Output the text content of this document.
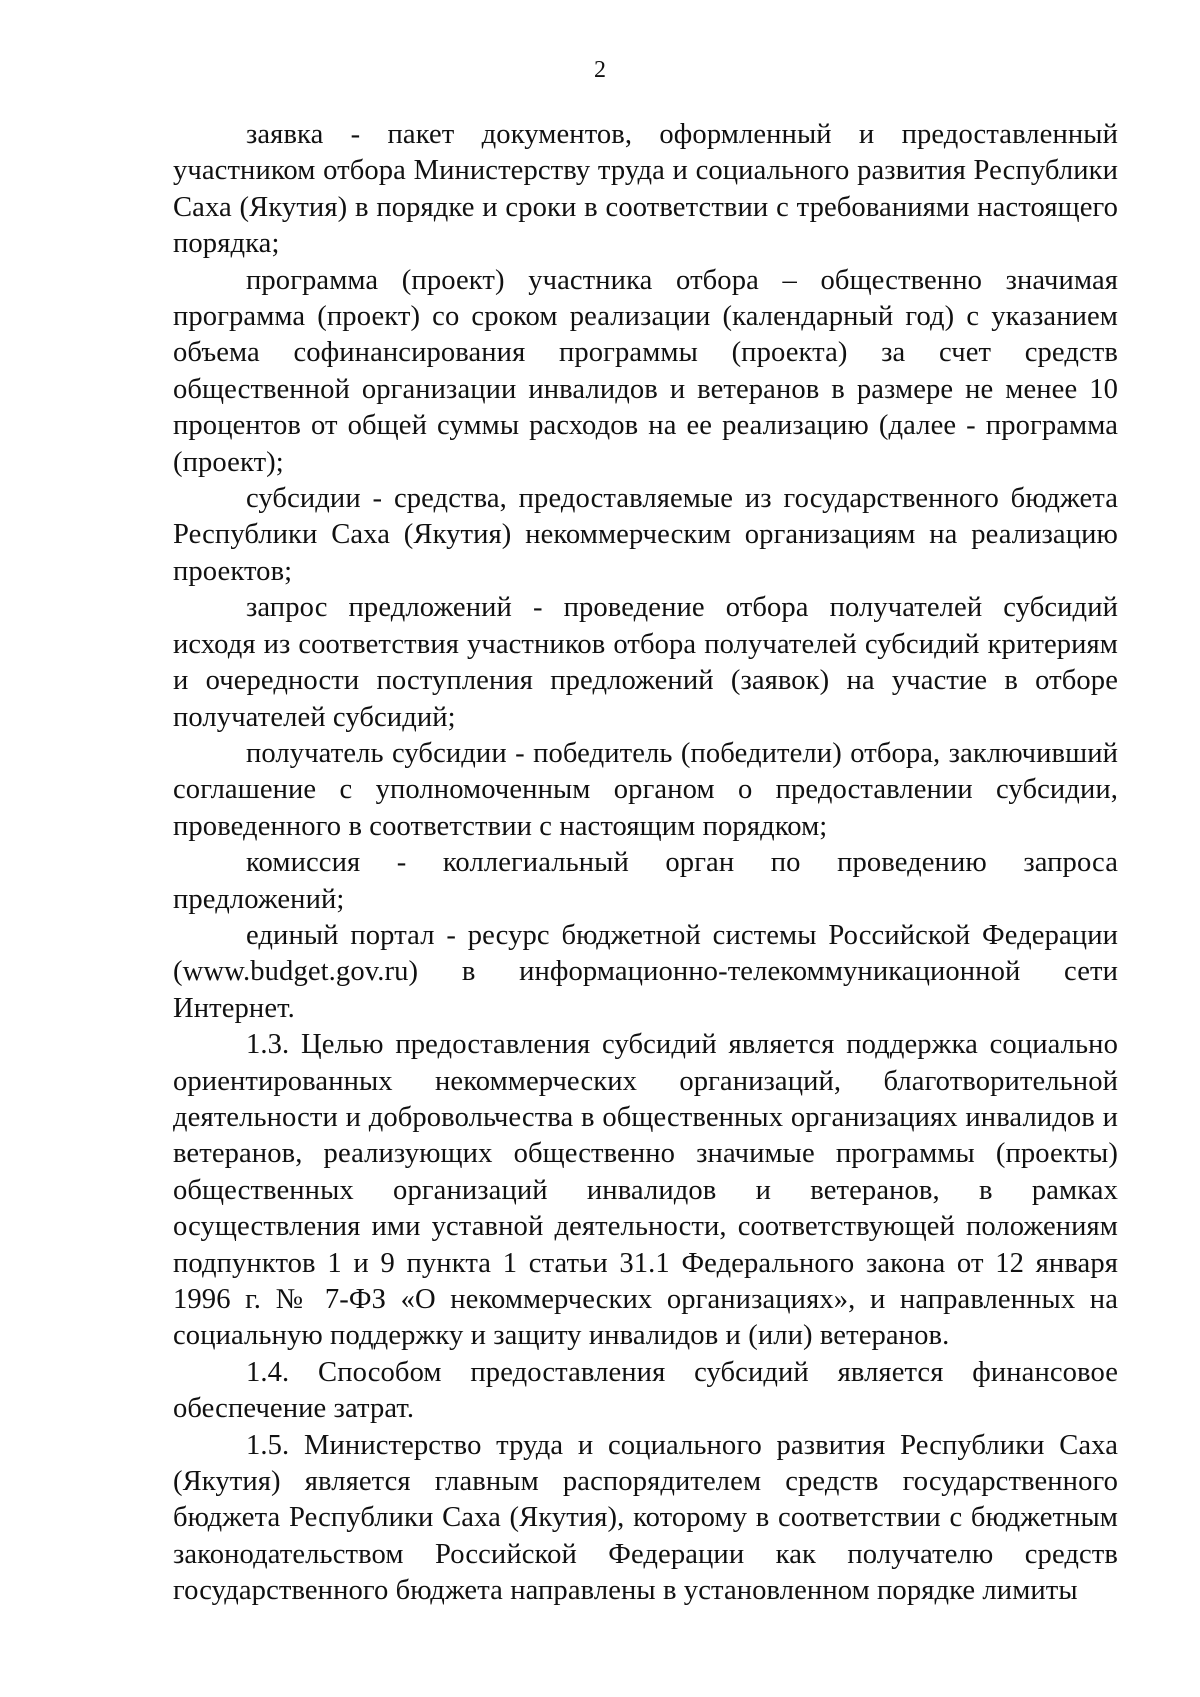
2

заявка - пакет документов, оформленный и предоставленный участником отбора Министерству труда и социального развития Республики Саха (Якутия) в порядке и сроки в соответствии с требованиями настоящего порядка;

программа (проект) участника отбора – общественно значимая программа (проект) со сроком реализации (календарный год) с указанием объема софинансирования программы (проекта) за счет средств общественной организации инвалидов и ветеранов в размере не менее 10 процентов от общей суммы расходов на ее реализацию (далее - программа (проект);

субсидии - средства, предоставляемые из государственного бюджета Республики Саха (Якутия) некоммерческим организациям на реализацию проектов;

запрос предложений - проведение отбора получателей субсидий исходя из соответствия участников отбора получателей субсидий критериям и очередности поступления предложений (заявок) на участие в отборе получателей субсидий;

получатель субсидии - победитель (победители) отбора, заключивший соглашение с уполномоченным органом о предоставлении субсидии, проведенного в соответствии с настоящим порядком;

комиссия - коллегиальный орган по проведению запроса предложений;

единый портал - ресурс бюджетной системы Российской Федерации (www.budget.gov.ru) в информационно-телекоммуникационной сети Интернет.

1.3. Целью предоставления субсидий является поддержка социально ориентированных некоммерческих организаций, благотворительной деятельности и добровольчества в общественных организациях инвалидов и ветеранов, реализующих общественно значимые программы (проекты) общественных организаций инвалидов и ветеранов, в рамках осуществления ими уставной деятельности, соответствующей положениям подпунктов 1 и 9 пункта 1 статьи 31.1 Федерального закона от 12 января 1996 г. № 7-ФЗ «О некоммерческих организациях», и направленных на социальную поддержку и защиту инвалидов и (или) ветеранов.

1.4. Способом предоставления субсидий является финансовое обеспечение затрат.

1.5. Министерство труда и социального развития Республики Саха (Якутия) является главным распорядителем средств государственного бюджета Республики Саха (Якутия), которому в соответствии с бюджетным законодательством Российской Федерации как получателю средств государственного бюджета направлены в установленном порядке лимиты
